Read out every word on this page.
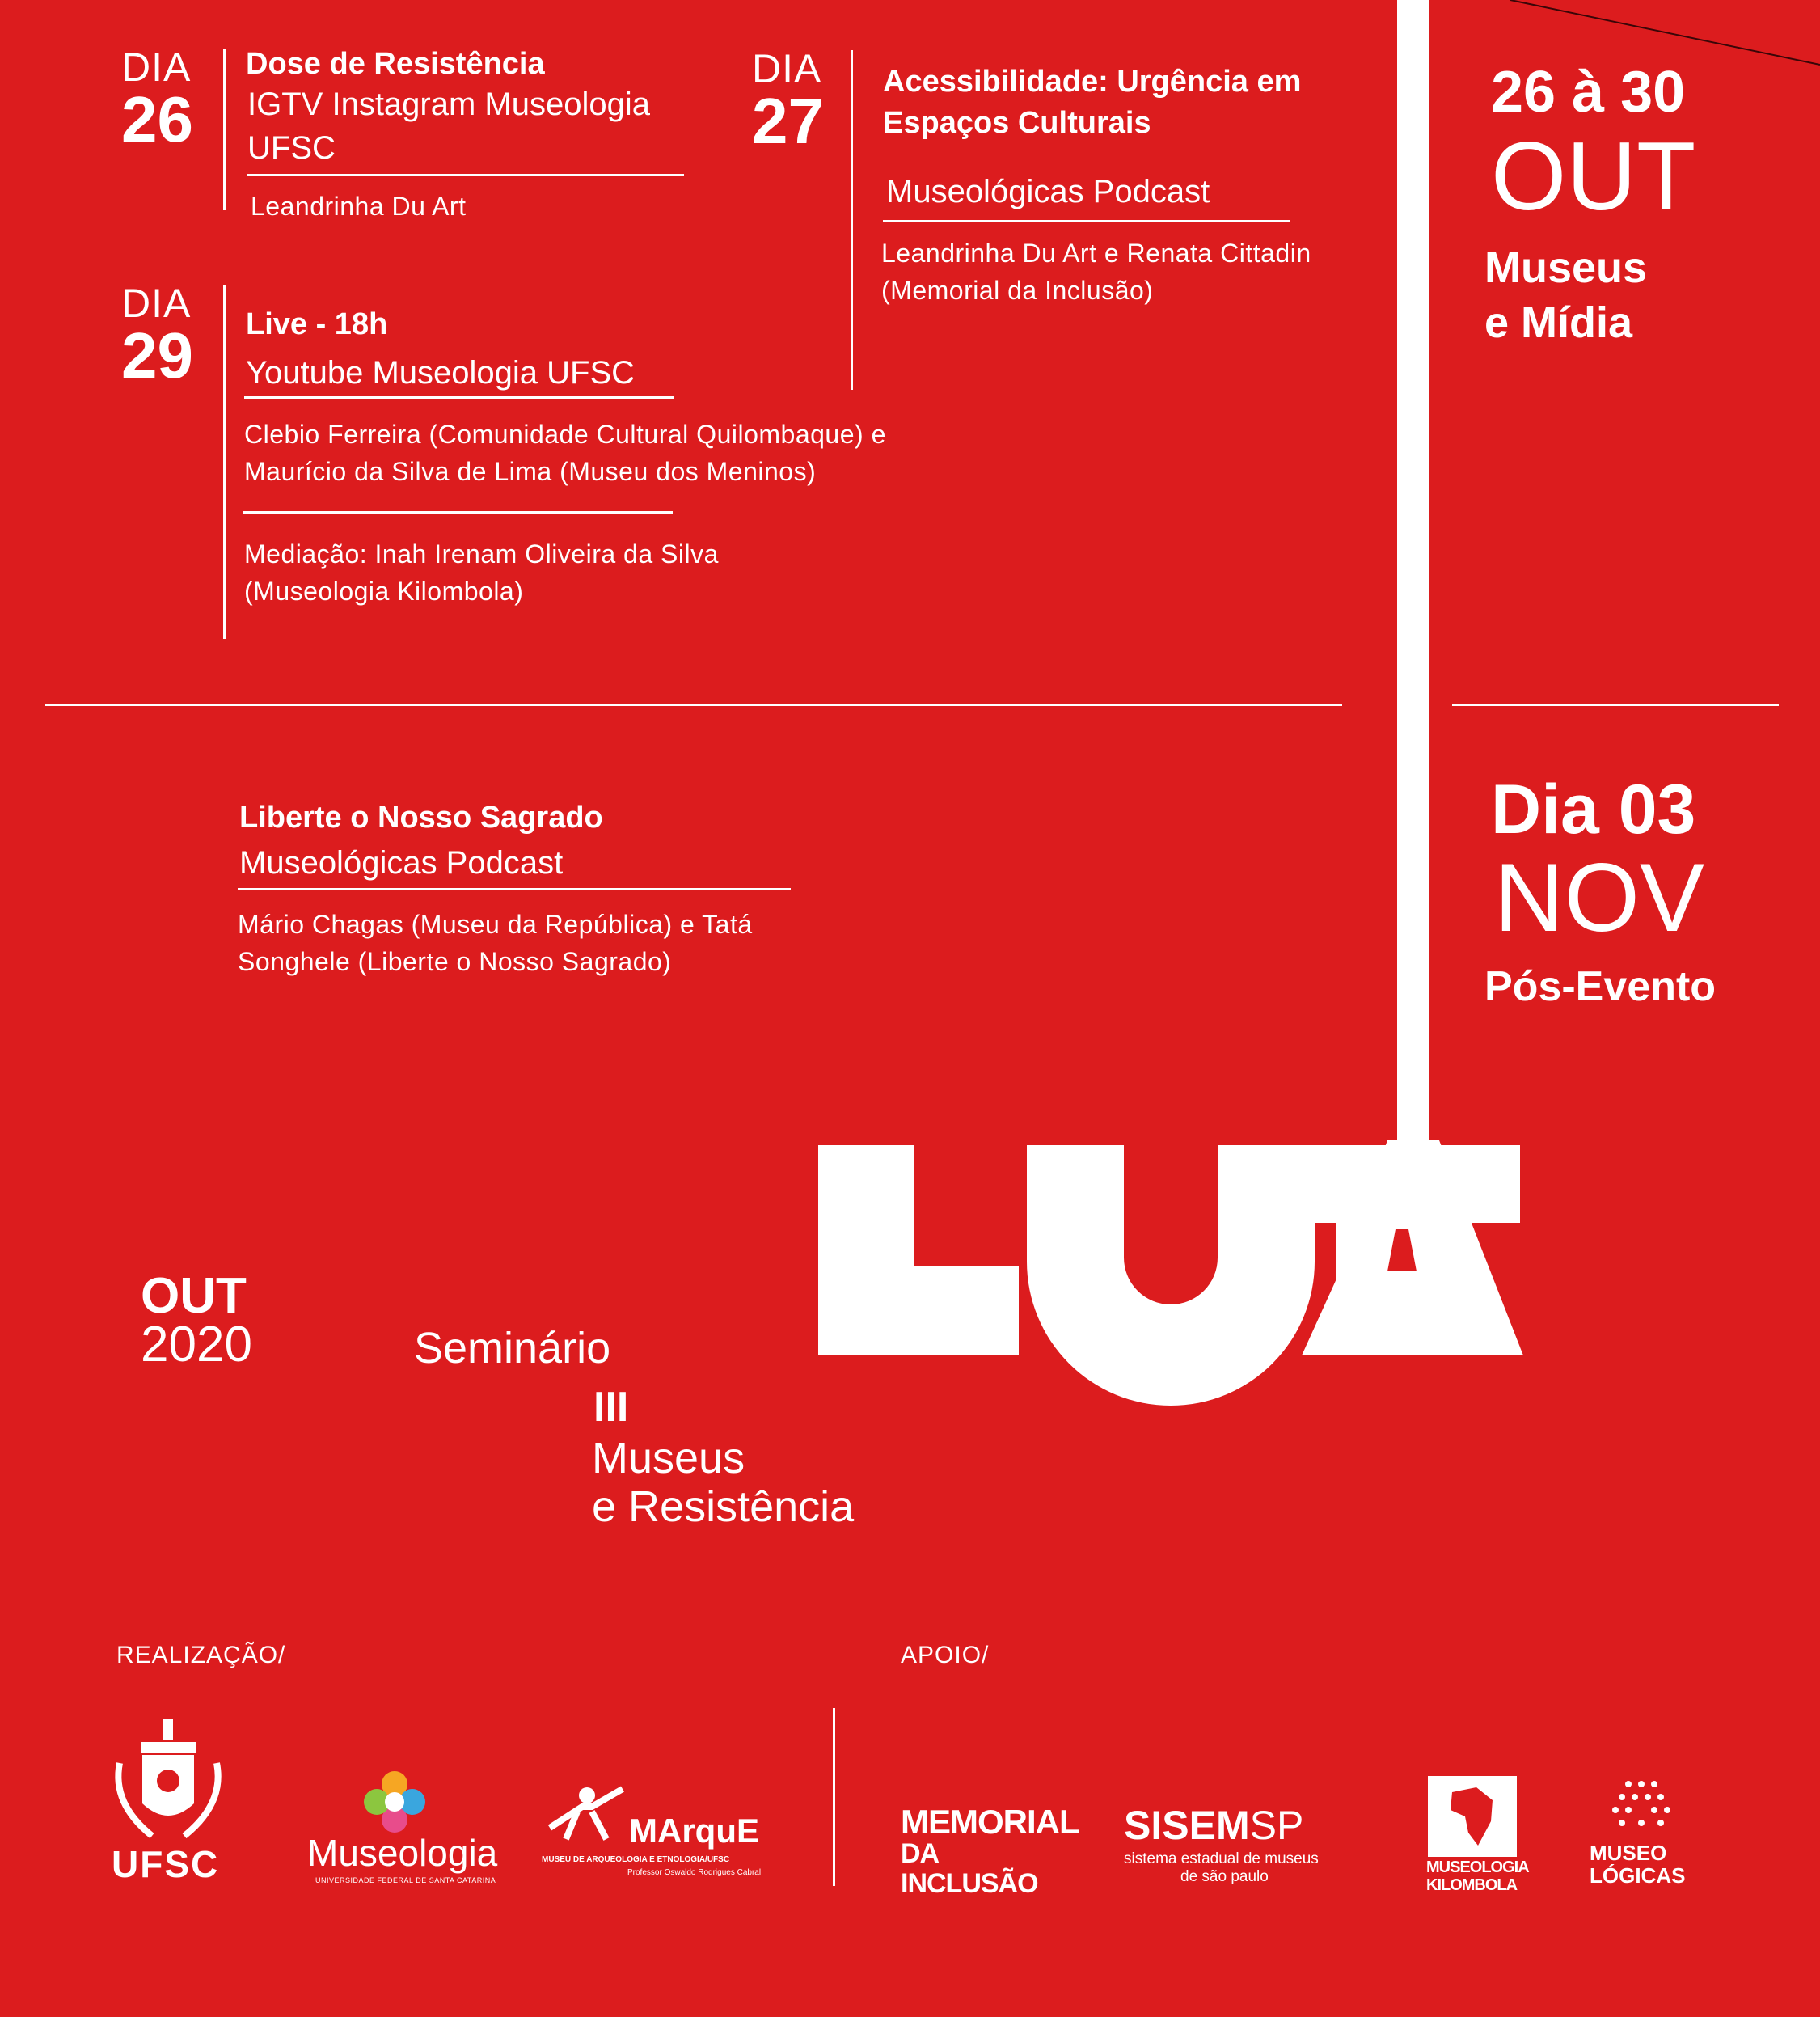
DIA
26
Dose de Resistência
IGTV Instagram Museologia UFSC
Leandrinha Du Art
DIA
27
Acessibilidade: Urgência em Espaços Culturais
Museológicas Podcast
Leandrinha Du Art e Renata Cittadin (Memorial da Inclusão)
DIA
29	Live - 18h
Youtube Museologia UFSC
Clebio Ferreira (Comunidade Cultural Quilombaque) e Maurício da Silva de Lima (Museu dos Meninos)
Mediação: Inah Irenam Oliveira da Silva (Museologia Kilombola)
Liberte o Nosso Sagrado
Museológicas Podcast
Mário Chagas (Museu da República) e Tatá Songhele (Liberte o Nosso Sagrado)
26 à 30
OUT
Museus
e Mídia
Dia 03
NOV
Pós-Evento
OUT
2020	Seminário
III
Museus
e Resistência
REALIZAÇÃO/	APOIO/
UFSC Museologia
UNIVERSIDADE FEDERAL DE SANTA CATARINA
MArquE
MUSEU DE ARQUEOLOGIA E ETNOLOGIA/UFSC
Professor Oswaldo Rodrigues Cabral
MEMORIAL
DA INCLUSÃO
SISEMSP
sistema estadual de museus
de são paulo
MUSEOLOGIA
KILOMBOLA
MUSEO
LÓGICAS
